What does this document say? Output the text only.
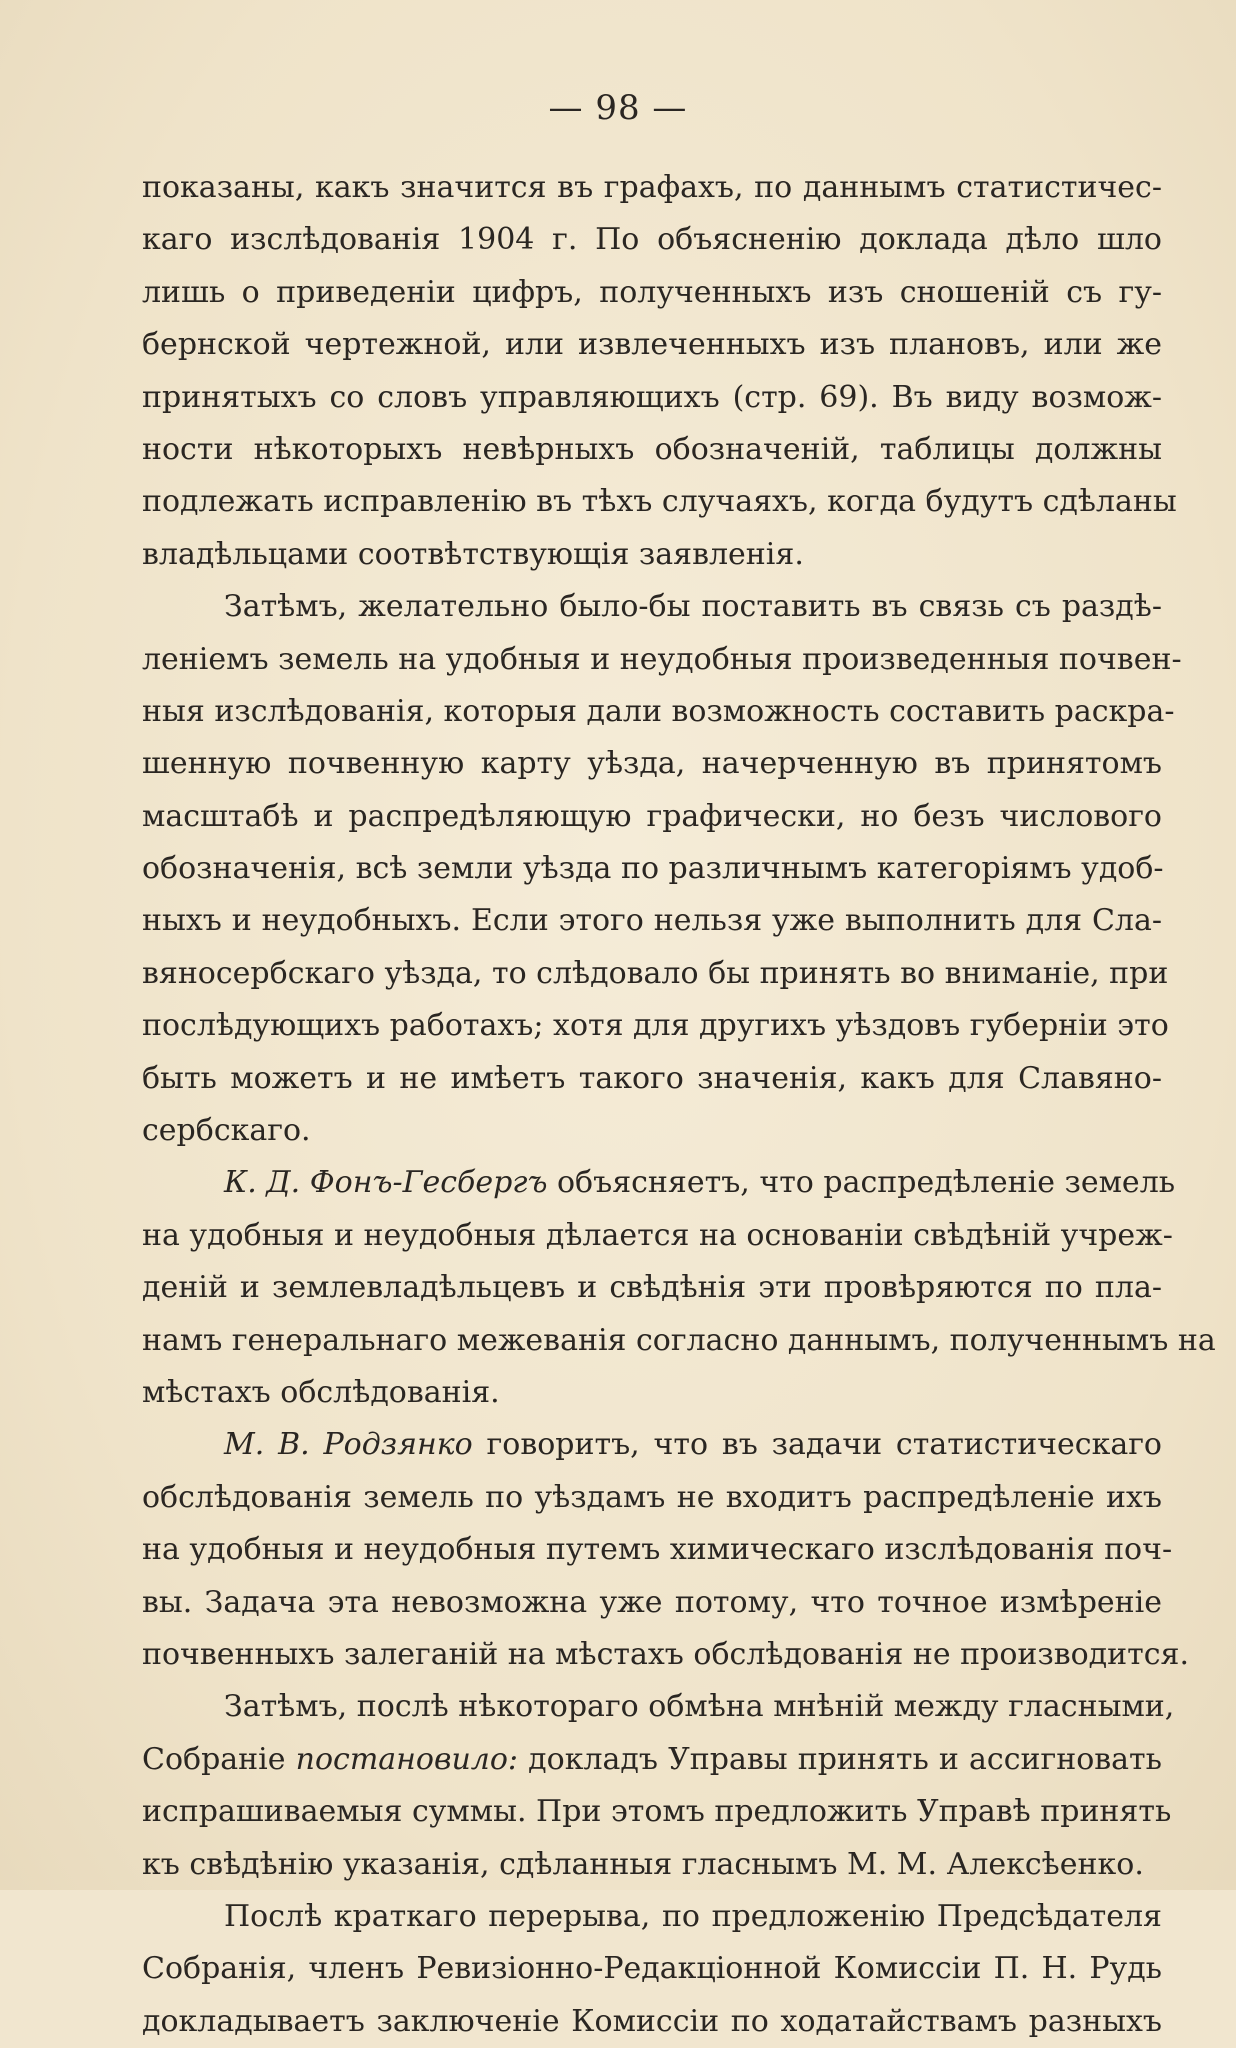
— 98 —
показаны, какъ значится въ графахъ, по даннымъ статистичес-
каго изслѣдованія 1904 г. По объясненію доклада дѣло шло
лишь о приведеніи цифръ, полученныхъ изъ сношеній съ гу-
бернской чертежной, или извлеченныхъ изъ плановъ, или же
принятыхъ со словъ управляющихъ (стр. 69). Въ виду возмож-
ности нѣкоторыхъ невѣрныхъ обозначеній, таблицы должны
подлежать исправленію въ тѣхъ случаяхъ, когда будутъ сдѣланы
владѣльцами соотвѣтствующія заявленія.
Затѣмъ, желательно было-бы поставить въ связь съ раздѣ-
леніемъ земель на удобныя и неудобныя произведенныя почвен-
ныя изслѣдованія, которыя дали возможность составить раскра-
шенную почвенную карту уѣзда, начерченную въ принятомъ
масштабѣ и распредѣляющую графически, но безъ числового
обозначенія, всѣ земли уѣзда по различнымъ категоріямъ удоб-
ныхъ и неудобныхъ. Если этого нельзя уже выполнить для Сла-
вяносербскаго уѣзда, то слѣдовало бы принять во вниманіе, при
послѣдующихъ работахъ; хотя для другихъ уѣздовъ губерніи это
быть можетъ и не имѣетъ такого значенія, какъ для Славяно-
сербскаго.
К. Д. Фонъ-Гесбергъ объясняетъ, что распредѣленіе земель
на удобныя и неудобныя дѣлается на основаніи свѣдѣній учреж-
деній и землевладѣльцевъ и свѣдѣнія эти провѣряются по пла-
намъ генеральнаго межеванія согласно даннымъ, полученнымъ на
мѣстахъ обслѣдованія.
М. В. Родзянко говоритъ, что въ задачи статистическаго
обслѣдованія земель по уѣздамъ не входитъ распредѣленіе ихъ
на удобныя и неудобныя путемъ химическаго изслѣдованія поч-
вы. Задача эта невозможна уже потому, что точное измѣреніе
почвенныхъ залеганій на мѣстахъ обслѣдованія не производится.
Затѣмъ, послѣ нѣкотораго обмѣна мнѣній между гласными,
Собраніе постановило: докладъ Управы принять и ассигновать
испрашиваемыя суммы. При этомъ предложить Управѣ принять
къ свѣдѣнію указанія, сдѣланныя гласнымъ М. М. Алексѣенко.
Послѣ краткаго перерыва, по предложенію Предсѣдателя
Собранія, членъ Ревизіонно-Редакціонной Комиссіи П. Н. Рудь
докладываетъ заключеніе Комиссіи по ходатайствамъ разныхъ
